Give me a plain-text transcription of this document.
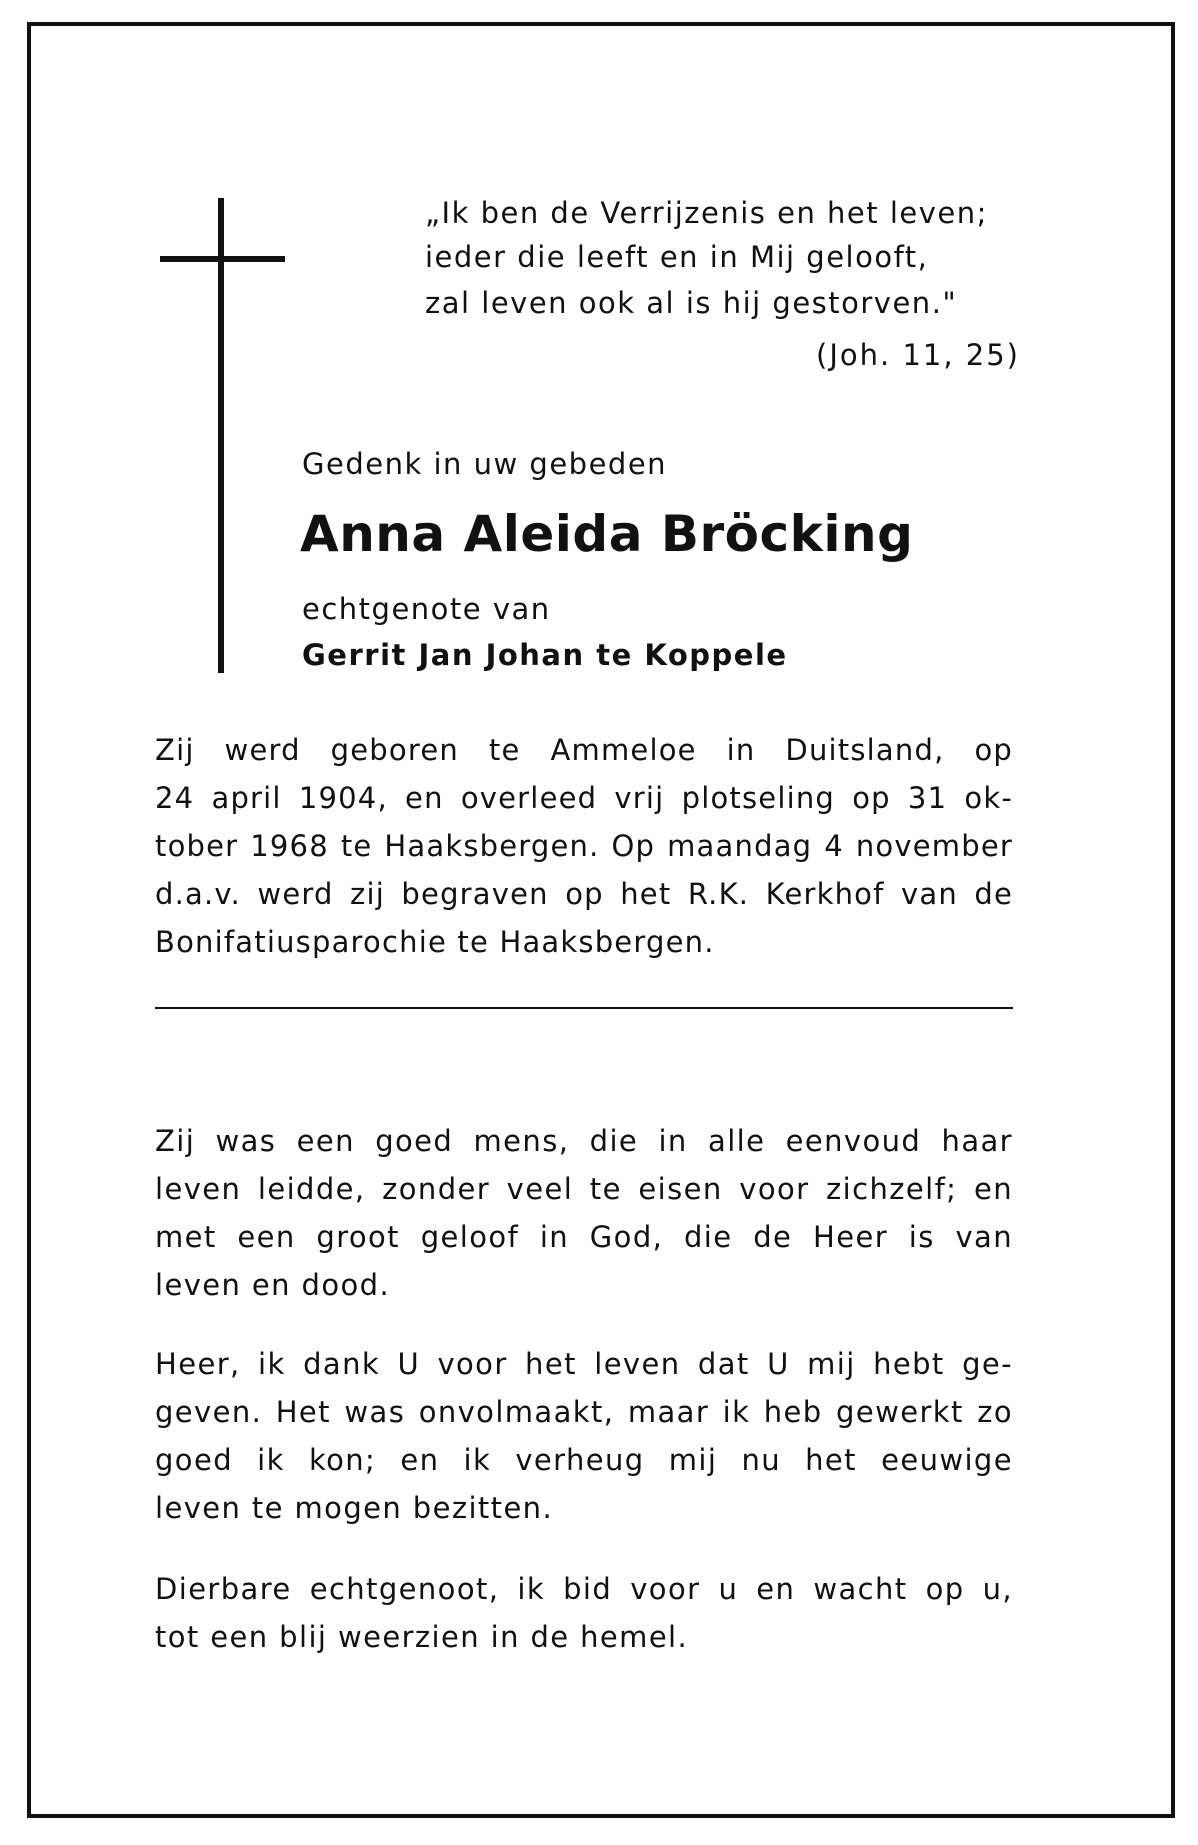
„Ik ben de Verrijzenis en het leven;
ieder die leeft en in Mij gelooft,
zal leven ook al is hij gestorven."
(Joh. 11, 25)
Gedenk in uw gebeden
Anna Aleida Bröcking
echtgenote van
Gerrit Jan Johan te Koppele
Zij werd geboren te Ammeloe in Duitsland, op
24 april 1904, en overleed vrij plotseling op 31 ok-
tober 1968 te Haaksbergen. Op maandag 4 november
d.a.v. werd zij begraven op het R.K. Kerkhof van de
Bonifatiusparochie te Haaksbergen.
Zij was een goed mens, die in alle eenvoud haar
leven leidde, zonder veel te eisen voor zichzelf; en
met een groot geloof in God, die de Heer is van
leven en dood.
Heer, ik dank U voor het leven dat U mij hebt ge-
geven. Het was onvolmaakt, maar ik heb gewerkt zo
goed ik kon; en ik verheug mij nu het eeuwige
leven te mogen bezitten.
Dierbare echtgenoot, ik bid voor u en wacht op u,
tot een blij weerzien in de hemel.
